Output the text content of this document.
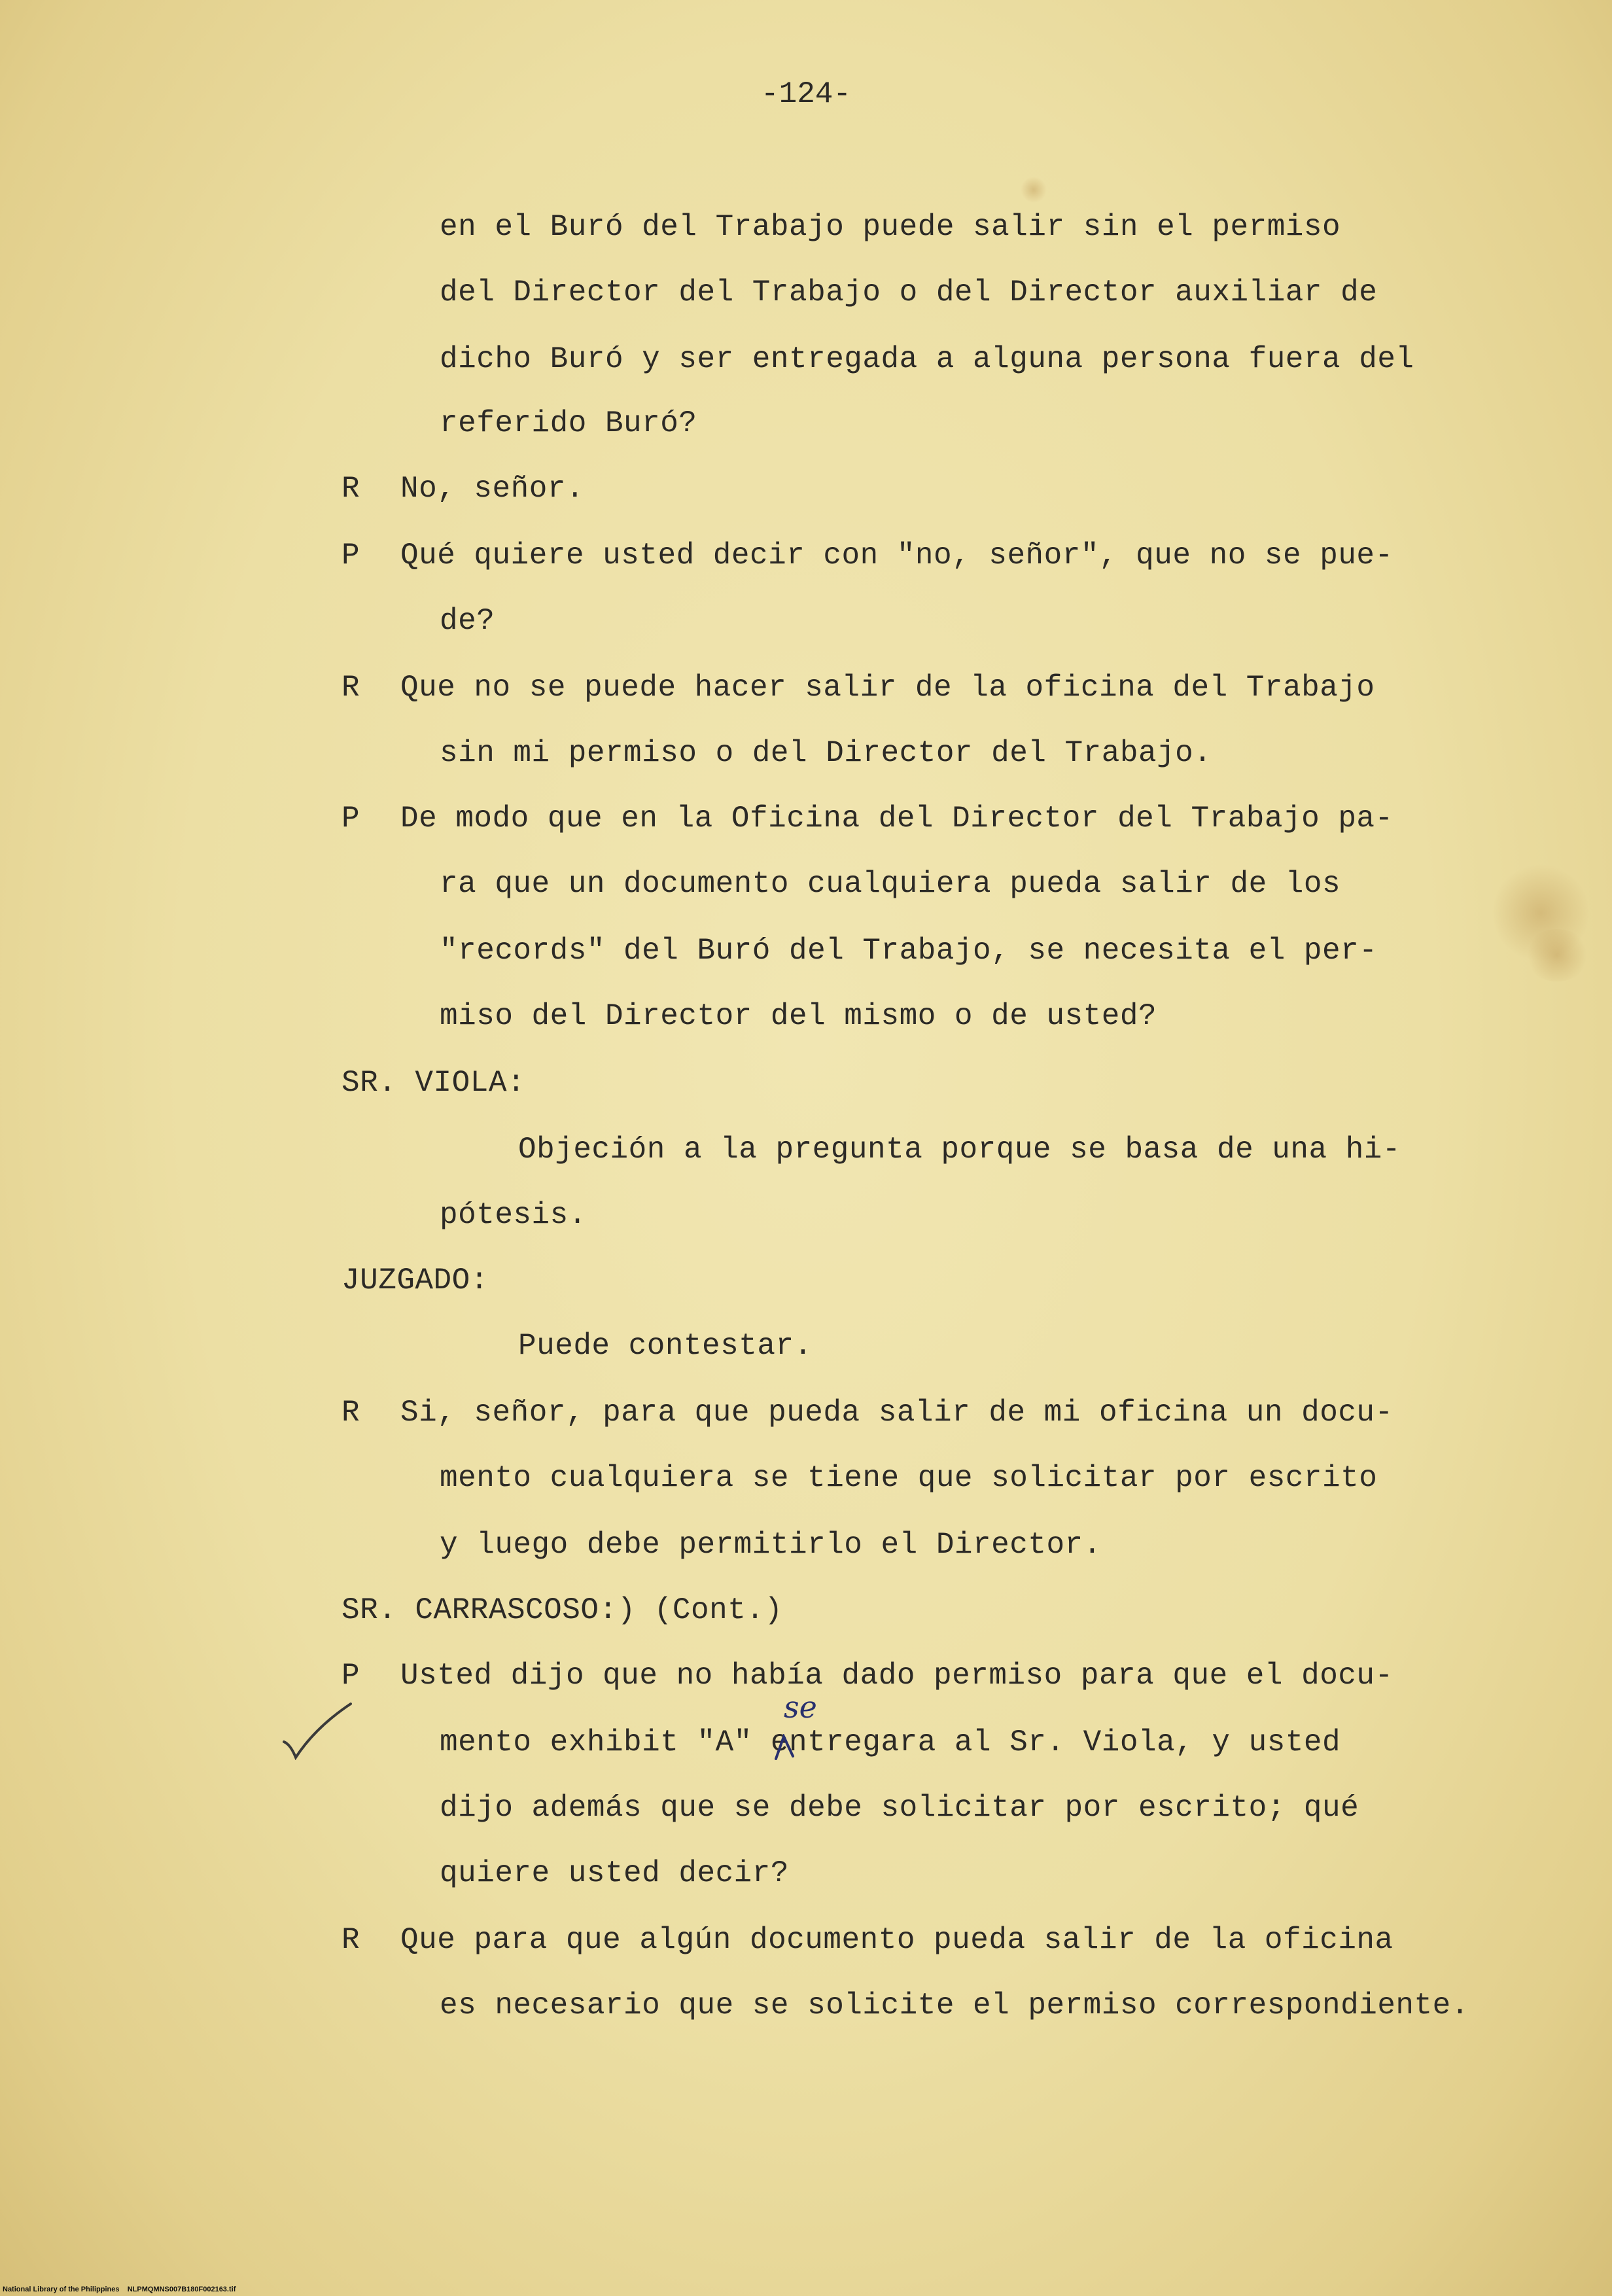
-124-
en el Buró del Trabajo puede salir sin el permiso
del Director del Trabajo o del Director auxiliar de
dicho Buró y ser entregada a alguna persona fuera del
referido Buró?
R No, señor.
P Qué quiere usted decir con "no, señor", que no se pue-
de?
R Que no se puede hacer salir de la oficina del Trabajo
sin mi permiso o del Director del Trabajo.
P De modo que en la Oficina del Director del Trabajo pa-
ra que un documento cualquiera pueda salir de los
"records" del Buró del Trabajo, se necesita el per-
miso del Director del mismo o de usted?
SR. VIOLA:
Objeción a la pregunta porque se basa de una hi-
pótesis.
JUZGADO:
Puede contestar.
R Si, señor, para que pueda salir de mi oficina un docu-
mento cualquiera se tiene que solicitar por escrito
y luego debe permitirlo el Director.
SR. CARRASCOSO:) (Cont.)
P Usted dijo que no había dado permiso para que el docu-
mento exhibit "A" entregara al Sr. Viola, y usted
dijo además que se debe solicitar por escrito; qué
quiere usted decir?
R Que para que algún documento pueda salir de la oficina
es necesario que se solicite el permiso correspondiente.
se
National Library of the Philippines    NLPMQMNS007B180F002163.tif
